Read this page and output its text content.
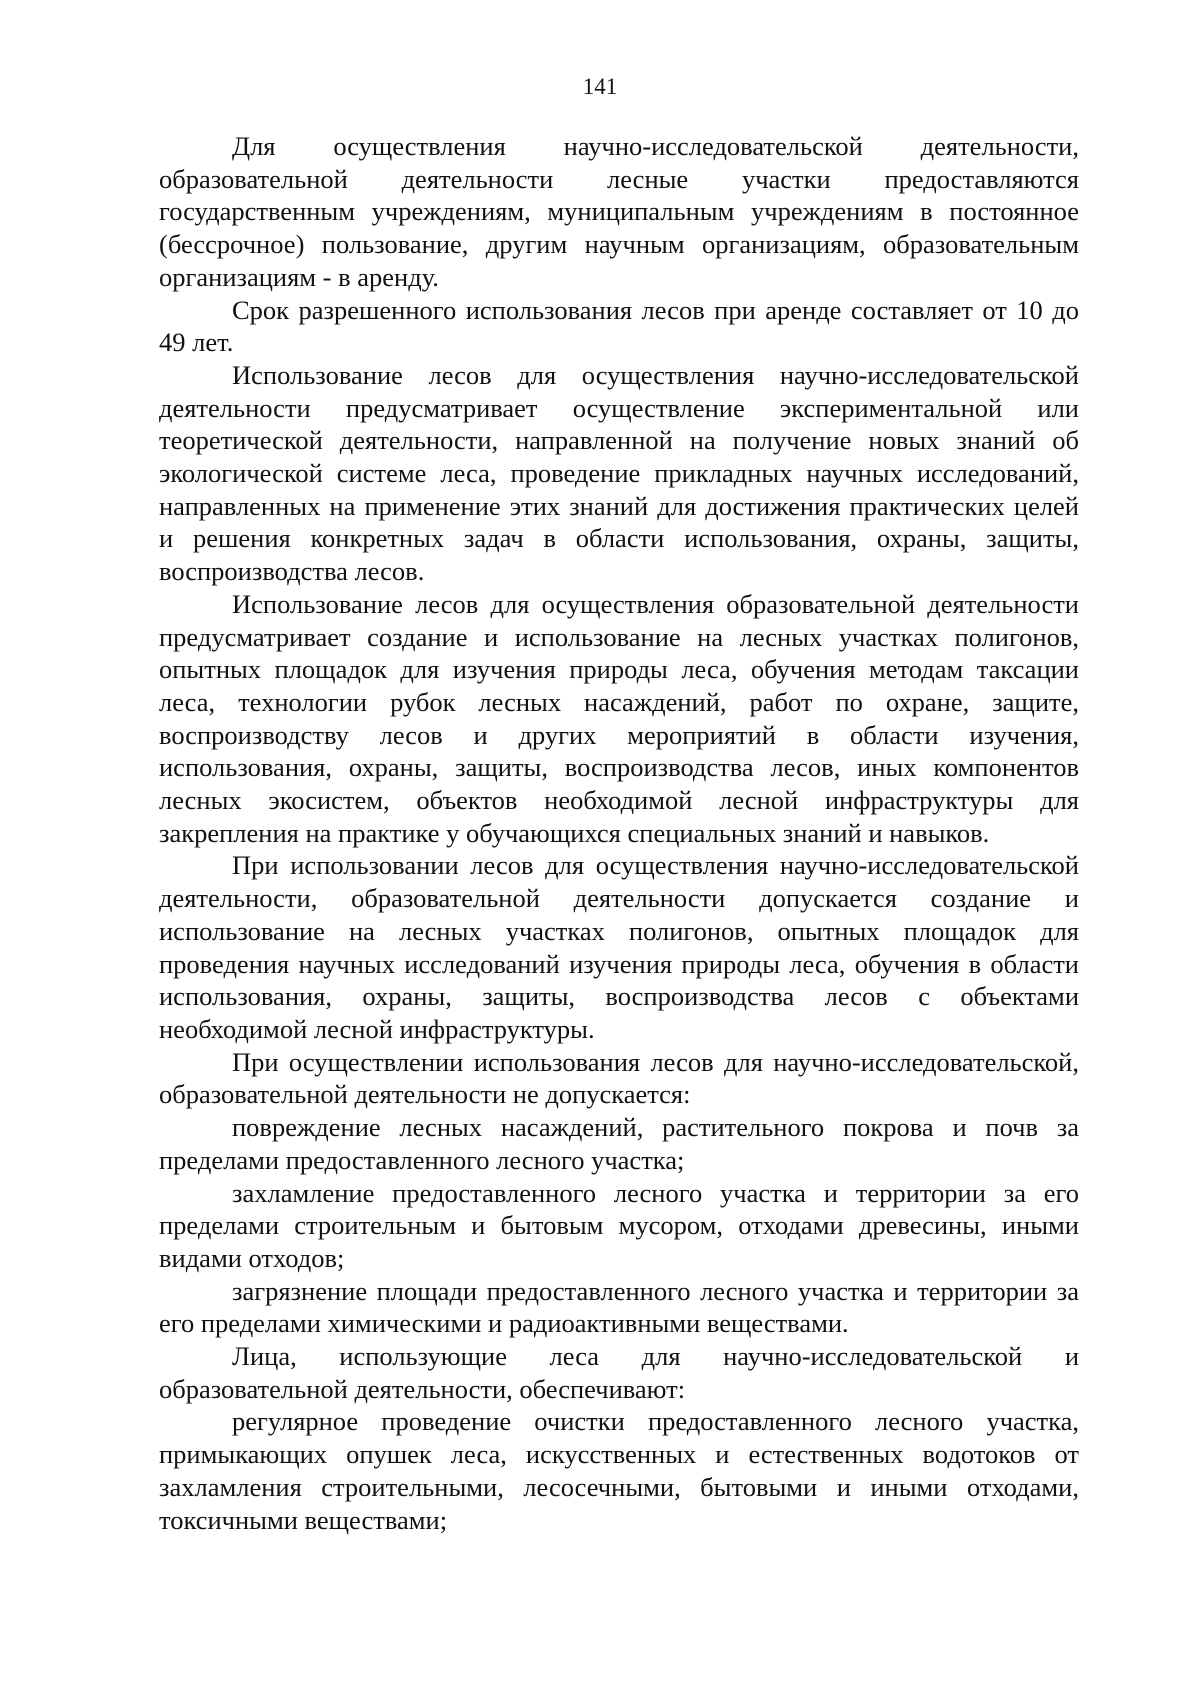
141

Для осуществления научно-исследовательской деятельности, образовательной деятельности лесные участки предоставляются государственным учреждениям, муниципальным учреждениям в постоянное (бессрочное) пользование, другим научным организациям, образовательным организациям - в аренду.

Срок разрешенного использования лесов при аренде составляет от 10 до 49 лет.

Использование лесов для осуществления научно-исследовательской деятельности предусматривает осуществление экспериментальной или теоретической деятельности, направленной на получение новых знаний об экологической системе леса, проведение прикладных научных исследований, направленных на применение этих знаний для достижения практических целей и решения конкретных задач в области использования, охраны, защиты, воспроизводства лесов.

Использование лесов для осуществления образовательной деятельности предусматривает создание и использование на лесных участках полигонов, опытных площадок для изучения природы леса, обучения методам таксации леса, технологии рубок лесных насаждений, работ по охране, защите, воспроизводству лесов и других мероприятий в области изучения, использования, охраны, защиты, воспроизводства лесов, иных компонентов лесных экосистем, объектов необходимой лесной инфраструктуры для закрепления на практике у обучающихся специальных знаний и навыков.

При использовании лесов для осуществления научно-исследовательской деятельности, образовательной деятельности допускается создание и использование на лесных участках полигонов, опытных площадок для проведения научных исследований изучения природы леса, обучения в области использования, охраны, защиты, воспроизводства лесов с объектами необходимой лесной инфраструктуры.

При осуществлении использования лесов для научно-исследовательской, образовательной деятельности не допускается:

повреждение лесных насаждений, растительного покрова и почв за пределами предоставленного лесного участка;

захламление предоставленного лесного участка и территории за его пределами строительным и бытовым мусором, отходами древесины, иными видами отходов;

загрязнение площади предоставленного лесного участка и территории за его пределами химическими и радиоактивными веществами.

Лица, использующие леса для научно-исследовательской и образовательной деятельности, обеспечивают:

регулярное проведение очистки предоставленного лесного участка, примыкающих опушек леса, искусственных и естественных водотоков от захламления строительными, лесосечными, бытовыми и иными отходами, токсичными веществами;
